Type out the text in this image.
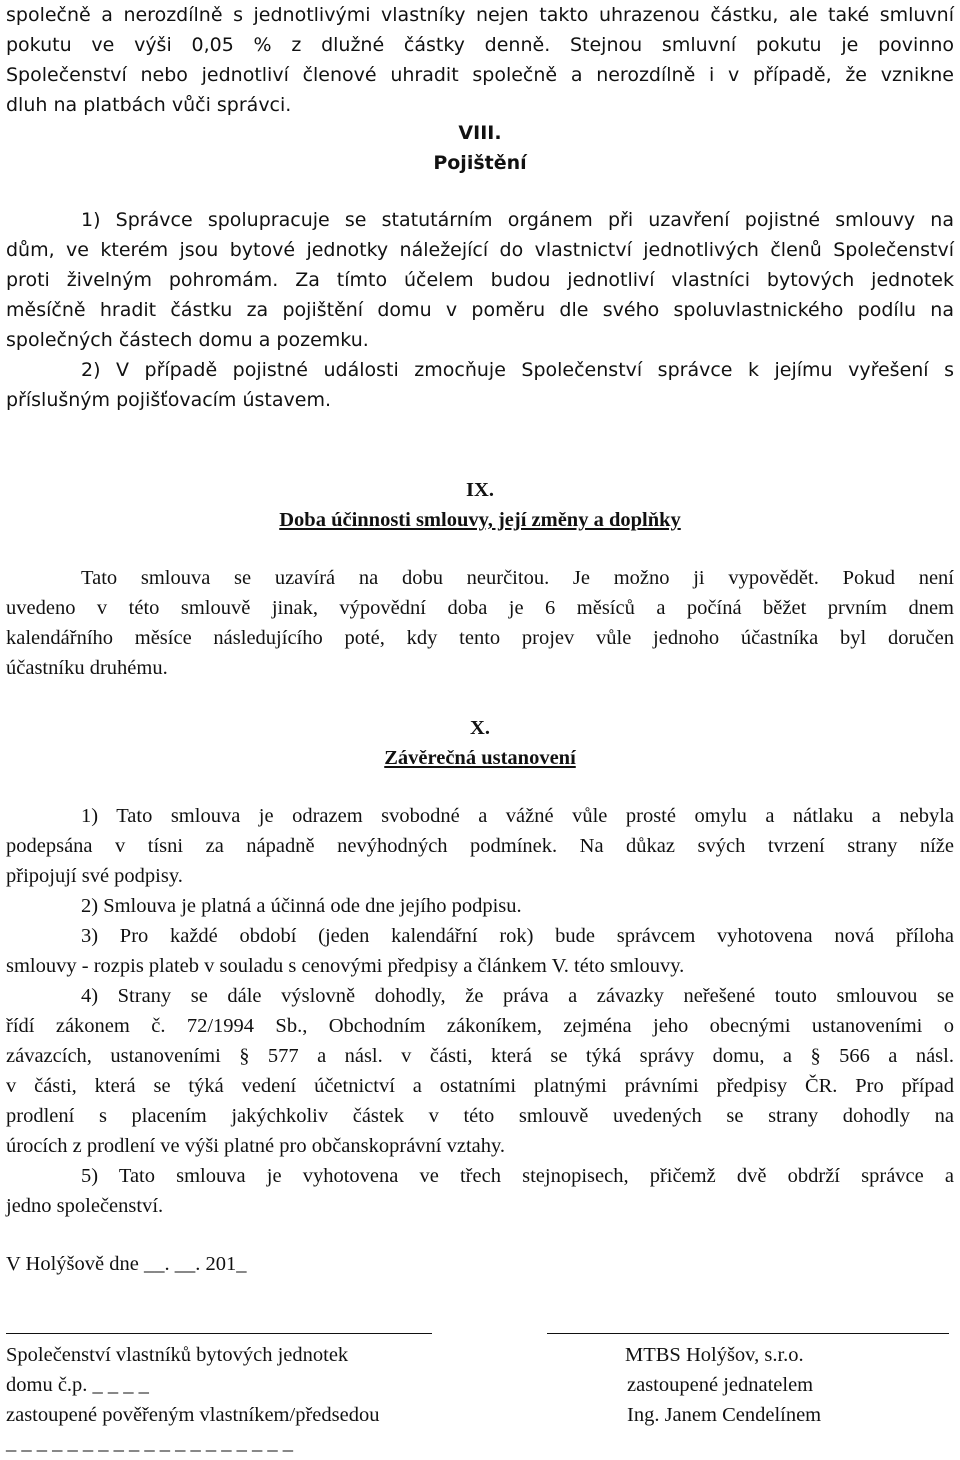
společně a nerozdílně s jednotlivými vlastníky nejen takto uhrazenou částku, ale také smluvní
pokutu ve výši 0,05 % z dlužné částky denně. Stejnou smluvní pokutu je povinno
Společenství nebo jednotliví členové uhradit společně a nerozdílně i v případě, že vznikne
dluh na platbách vůči správci.
VIII.
Pojištění
1) Správce spolupracuje se statutárním orgánem při uzavření pojistné smlouvy na
dům, ve kterém jsou bytové jednotky náležející do vlastnictví jednotlivých členů Společenství
proti živelným pohromám. Za tímto účelem budou jednotliví vlastníci bytových jednotek
měsíčně hradit částku za pojištění domu v poměru dle svého spoluvlastnického podílu na
společných částech domu a pozemku.
2) V případě pojistné události zmocňuje Společenství správce k jejímu vyřešení s
příslušným pojišťovacím ústavem.
IX.
Doba účinnosti smlouvy, její změny a doplňky
Tato smlouva se uzavírá na dobu neurčitou. Je možno ji vypovědět. Pokud není
uvedeno v této smlouvě jinak, výpovědní doba je 6 měsíců a počíná běžet prvním dnem
kalendářního měsíce následujícího poté, kdy tento projev vůle jednoho účastníka byl doručen
účastníku druhému.
X.
Závěrečná ustanovení
1) Tato smlouva je odrazem svobodné a vážné vůle prosté omylu a nátlaku a nebyla
podepsána v tísni za nápadně nevýhodných podmínek. Na důkaz svých tvrzení strany níže
připojují své podpisy.
2) Smlouva je platná a účinná ode dne jejího podpisu.
3) Pro každé období (jeden kalendářní rok) bude správcem vyhotovena nová příloha
smlouvy - rozpis plateb v souladu s cenovými předpisy a článkem V. této smlouvy.
4) Strany se dále výslovně dohodly, že práva a závazky neřešené touto smlouvou se
řídí zákonem č. 72/1994 Sb., Obchodním zákoníkem, zejména jeho obecnými ustanoveními o
závazcích, ustanoveními § 577 a násl. v části, která se týká správy domu, a § 566 a násl.
v části, která se týká vedení účetnictví a ostatními platnými právními předpisy ČR. Pro případ
prodlení s placením jakýchkoliv částek v této smlouvě uvedených se strany dohodly na
úrocích z prodlení ve výši platné pro občanskoprávní vztahy.
5) Tato smlouva je vyhotovena ve třech stejnopisech, přičemž dvě obdrží správce a
jedno společenství.
V Holýšově dne __. __. 201_
Společenství vlastníků bytových jednotek
domu č.p. _ _ _ _
zastoupené pověřeným vlastníkem/předsedou
_ _ _ _ _ _ _ _ _ _ _ _ _ _ _ _ _ _ _
MTBS Holýšov, s.r.o.
zastoupené jednatelem
Ing. Janem Cendelínem
